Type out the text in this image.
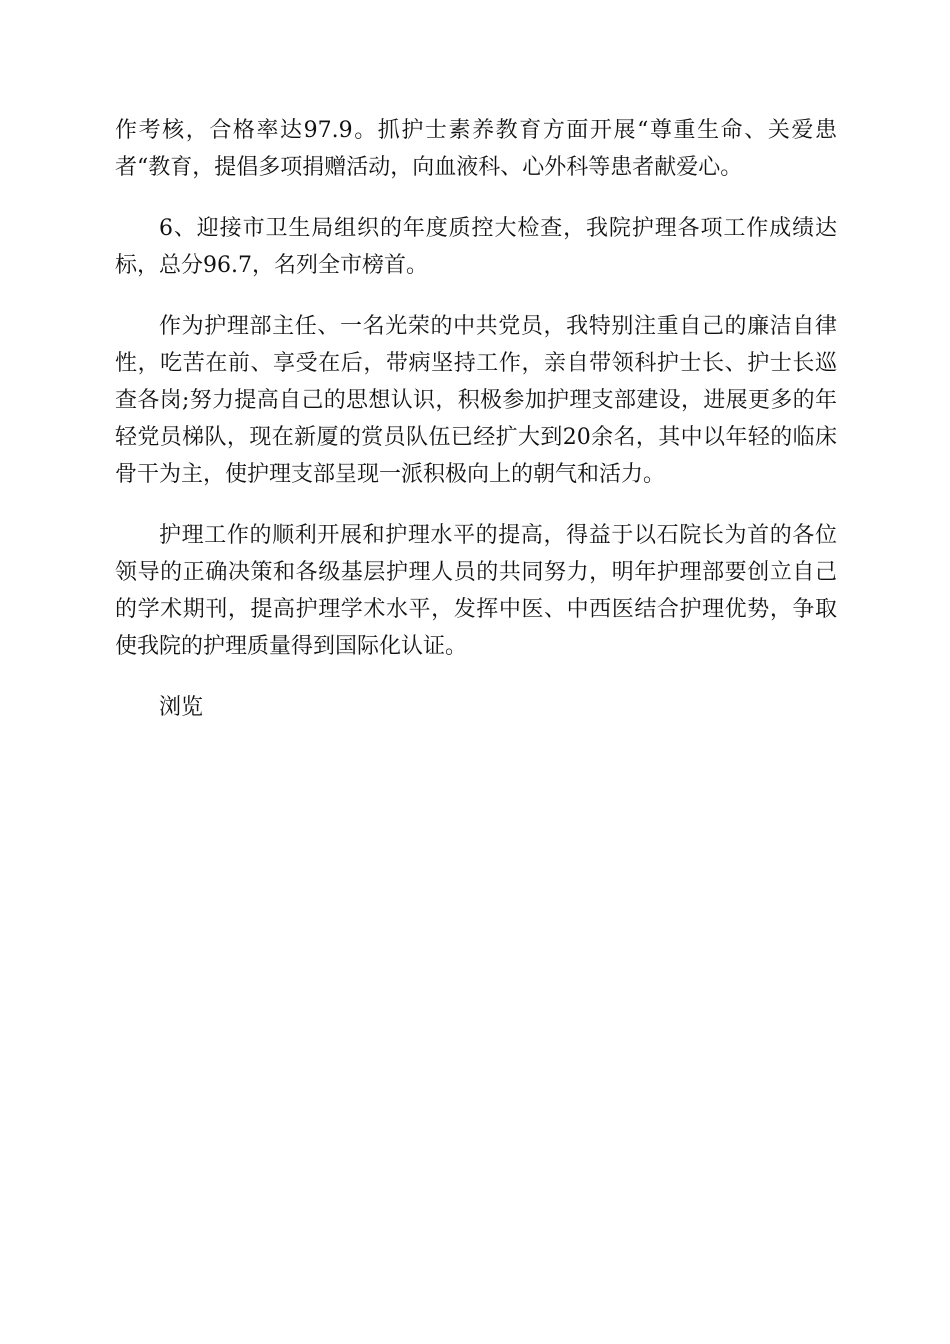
作考核，合格率达97.9。抓护士素养教育方面开展“尊重生命、关爱患者“教育，提倡多项捐赠活动，向血液科、心外科等患者献爱心。

6、迎接市卫生局组织的年度质控大检查，我院护理各项工作成绩达标，总分96.7，名列全市榜首。

作为护理部主任、一名光荣的中共党员，我特别注重自己的廉洁自律性，吃苦在前、享受在后，带病坚持工作，亲自带领科护士长、护士长巡查各岗;努力提高自己的思想认识，积极参加护理支部建设，进展更多的年轻党员梯队，现在新厦的赏员队伍已经扩大到20余名，其中以年轻的临床骨干为主，使护理支部呈现一派积极向上的朝气和活力。

护理工作的顺利开展和护理水平的提高，得益于以石院长为首的各位领导的正确决策和各级基层护理人员的共同努力，明年护理部要创立自己的学术期刊，提高护理学术水平，发挥中医、中西医结合护理优势，争取使我院的护理质量得到国际化认证。

浏览
